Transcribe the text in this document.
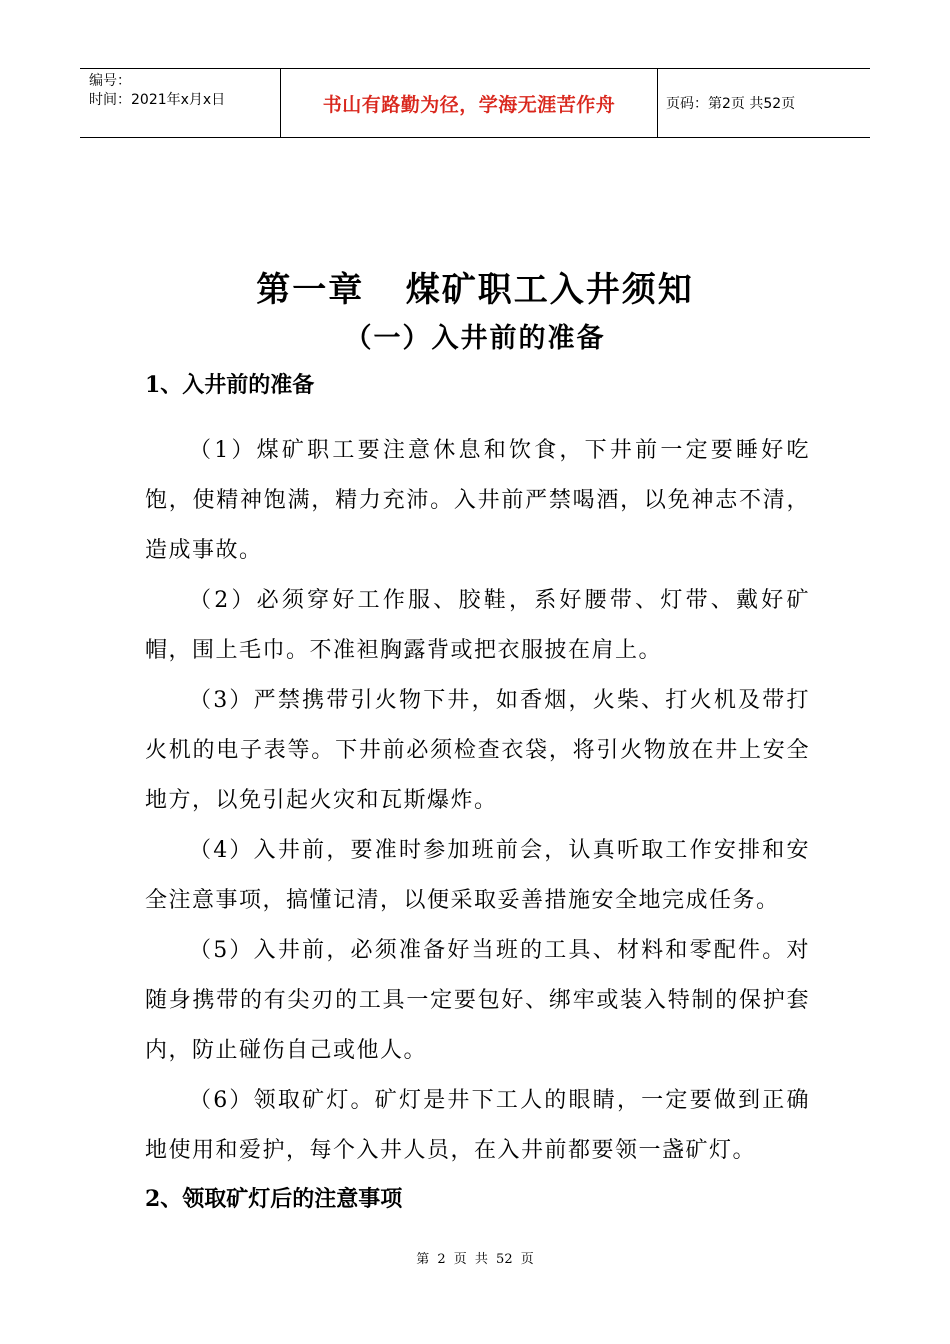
编号：
时间：2021年x月x日	书山有路勤为径，学海无涯苦作舟	页码：第2页 共52页
第一章   煤矿职工入井须知
（一）入井前的准备

1、入井前的准备

（1）煤矿职工要注意休息和饮食，下井前一定要睡好吃饱，使精神饱满，精力充沛。入井前严禁喝酒，以免神志不清，造成事故。

（2）必须穿好工作服、胶鞋，系好腰带、灯带、戴好矿帽，围上毛巾。不准袒胸露背或把衣服披在肩上。

（3）严禁携带引火物下井，如香烟，火柴、打火机及带打火机的电子表等。下井前必须检查衣袋，将引火物放在井上安全地方，以免引起火灾和瓦斯爆炸。

（4）入井前，要准时参加班前会，认真听取工作安排和安全注意事项，搞懂记清，以便采取妥善措施安全地完成任务。

（5）入井前，必须准备好当班的工具、材料和零配件。对随身携带的有尖刃的工具一定要包好、绑牢或装入特制的保护套内，防止碰伤自己或他人。

（6）领取矿灯。矿灯是井下工人的眼睛，一定要做到正确地使用和爱护，每个入井人员，在入井前都要领一盏矿灯。

2、领取矿灯后的注意事项

第 2 页 共 52 页
